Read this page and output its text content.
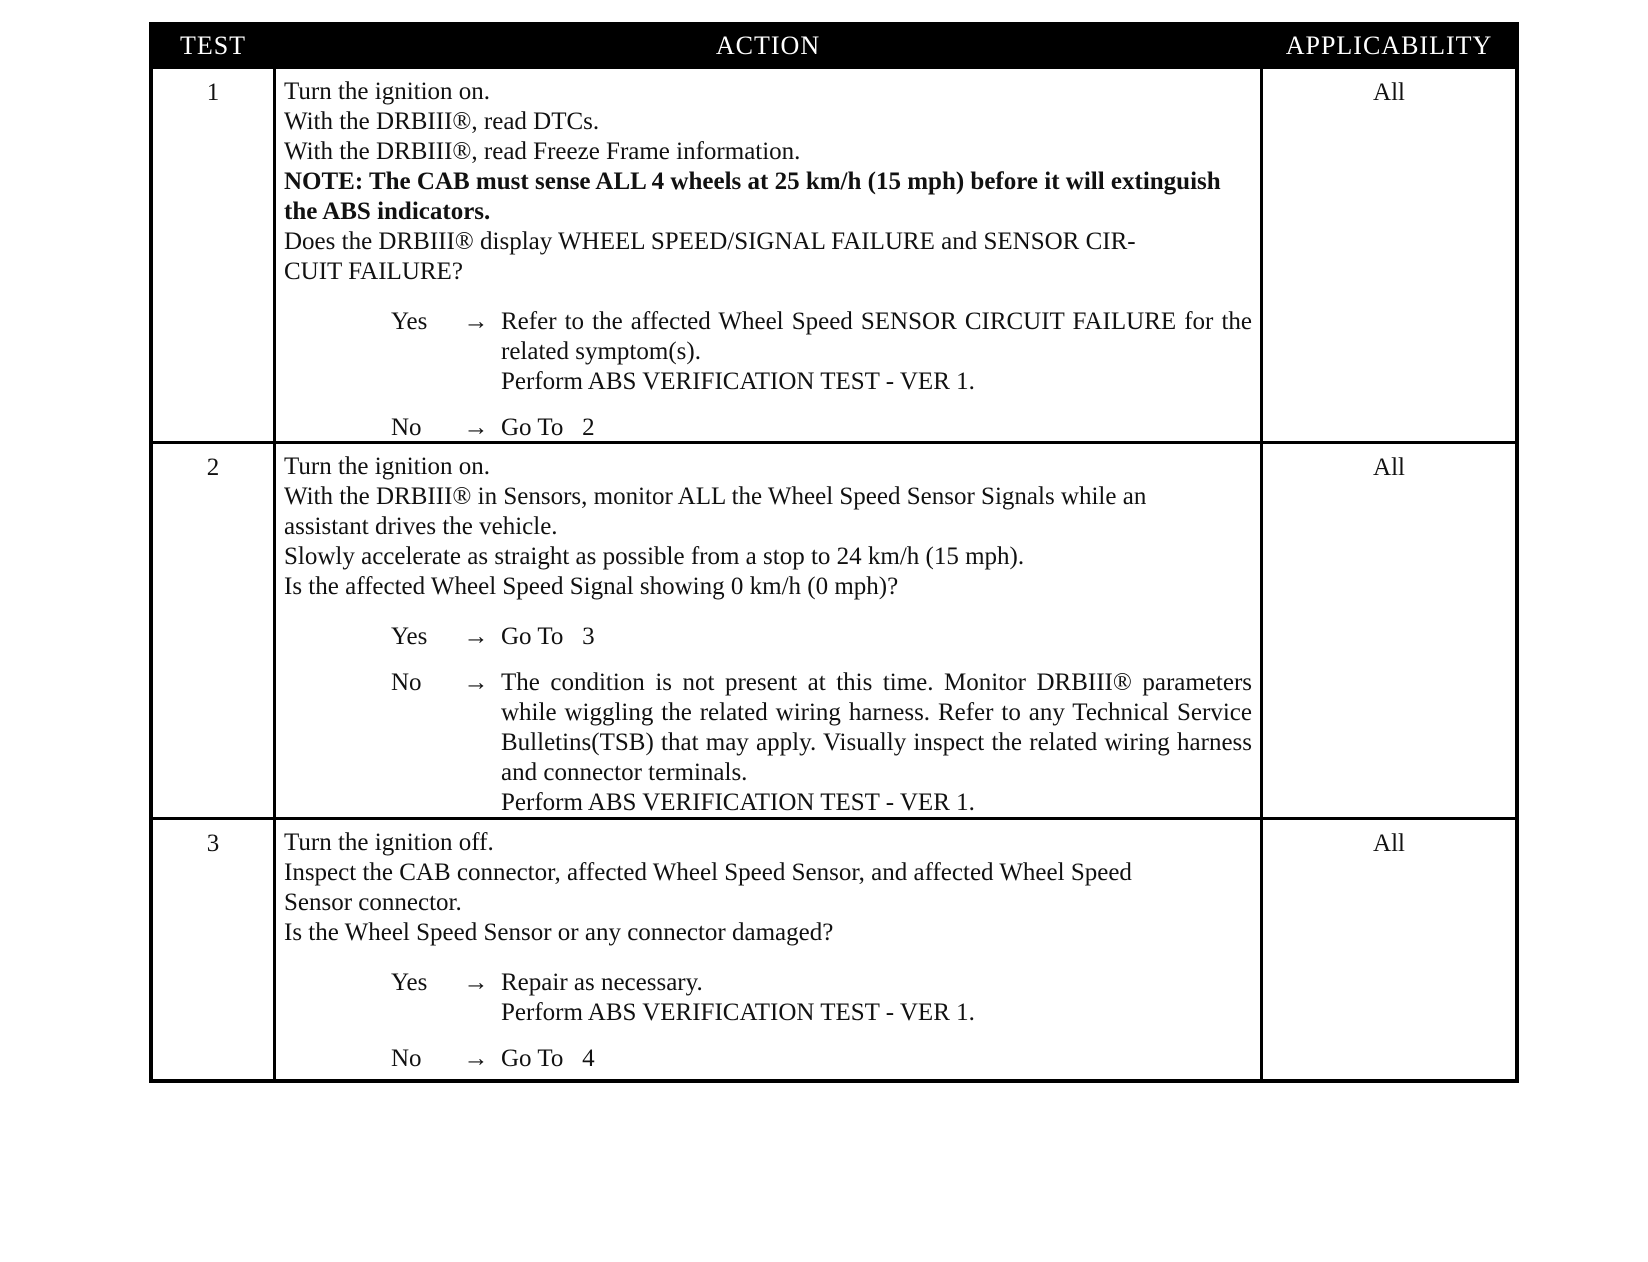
TEST	ACTION	APPLICABILITY
1	Turn the ignition on.
With the DRBIII®, read DTCs.
With the DRBIII®, read Freeze Frame information.
NOTE: The CAB must sense ALL 4 wheels at 25 km/h (15 mph) before it will extinguish the ABS indicators.
Does the DRBIII® display WHEEL SPEED/SIGNAL FAILURE and SENSOR CIR-
CUIT FAILURE?
Yes	→ Refer to the affected Wheel Speed SENSOR CIRCUIT FAILURE for the related symptom(s).
Perform ABS VERIFICATION TEST - VER 1.
No	→ Go To   2
All
2	Turn the ignition on.
With the DRBIII® in Sensors, monitor ALL the Wheel Speed Sensor Signals while an
assistant drives the vehicle.
Slowly accelerate as straight as possible from a stop to 24 km/h (15 mph).
Is the affected Wheel Speed Signal showing 0 km/h (0 mph)?
Yes	→ Go To   3
No	→ The condition is not present at this time. Monitor DRBIII® parameters while wiggling the related wiring harness. Refer to any Technical Service Bulletins(TSB) that may apply. Visually inspect the related wiring harness and connector terminals.
Perform ABS VERIFICATION TEST - VER 1.
All
3	Turn the ignition off.
Inspect the CAB connector, affected Wheel Speed Sensor, and affected Wheel Speed
Sensor connector.
Is the Wheel Speed Sensor or any connector damaged?
Yes	→ Repair as necessary.
Perform ABS VERIFICATION TEST - VER 1.
No	→ Go To   4
All
